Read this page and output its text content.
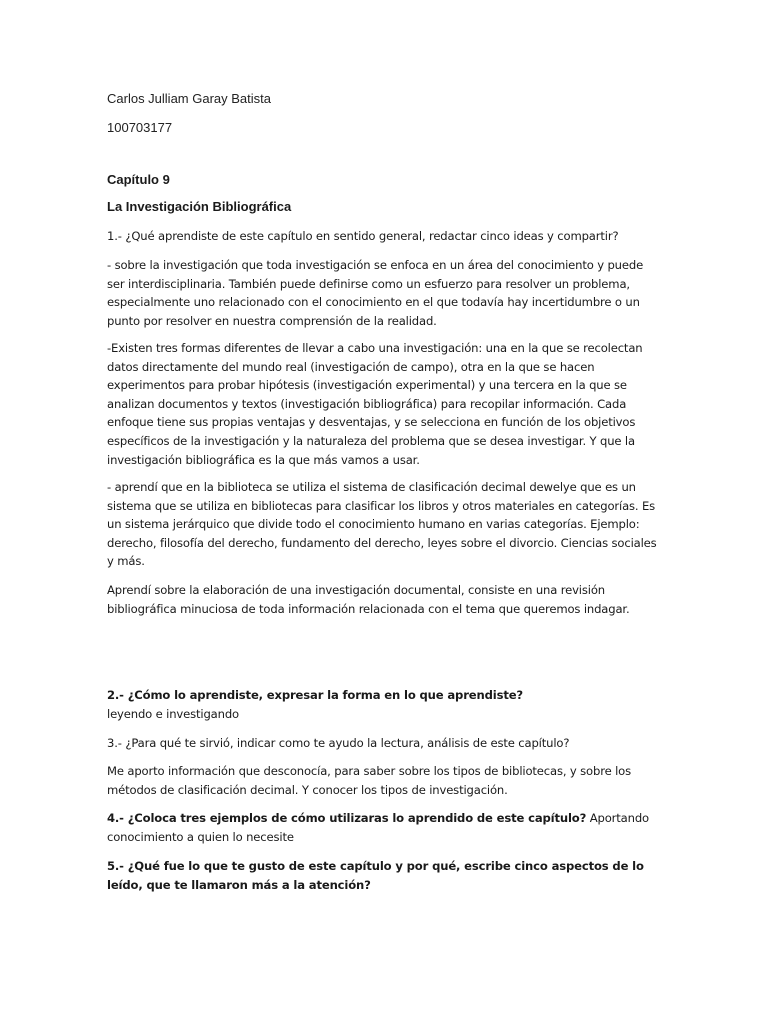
Carlos Julliam Garay Batista
100703177
Capítulo 9
La Investigación Bibliográfica

1.- ¿Qué aprendiste de este capítulo en sentido general, redactar cinco ideas y compartir?

- sobre la investigación que toda investigación se enfoca en un área del conocimiento y puede ser interdisciplinaria. También puede definirse como un esfuerzo para resolver un problema, especialmente uno relacionado con el conocimiento en el que todavía hay incertidumbre o un punto por resolver en nuestra comprensión de la realidad.

-Existen tres formas diferentes de llevar a cabo una investigación: una en la que se recolectan datos directamente del mundo real (investigación de campo), otra en la que se hacen experimentos para probar hipótesis (investigación experimental) y una tercera en la que se analizan documentos y textos (investigación bibliográfica) para recopilar información. Cada enfoque tiene sus propias ventajas y desventajas, y se selecciona en función de los objetivos específicos de la investigación y la naturaleza del problema que se desea investigar. Y que la investigación bibliográfica es la que más vamos a usar.

- aprendí que en la biblioteca se utiliza el sistema de clasificación decimal dewelye que es un sistema que se utiliza en bibliotecas para clasificar los libros y otros materiales en categorías. Es un sistema jerárquico que divide todo el conocimiento humano en varias categorías. Ejemplo: derecho, filosofía del derecho, fundamento del derecho, leyes sobre el divorcio. Ciencias sociales y más.

Aprendí sobre la elaboración de una investigación documental, consiste en una revisión bibliográfica minuciosa de toda información relacionada con el tema que queremos indagar.

2.- ¿Cómo lo aprendiste, expresar la forma en lo que aprendiste?
leyendo e investigando

3.- ¿Para qué te sirvió, indicar como te ayudo la lectura, análisis de este capítulo?

Me aporto información que desconocía, para saber sobre los tipos de bibliotecas, y sobre los métodos de clasificación decimal. Y conocer los tipos de investigación.

4.- ¿Coloca tres ejemplos de cómo utilizaras lo aprendido de este capítulo? Aportando conocimiento a quien lo necesite

5.- ¿Qué fue lo que te gusto de este capítulo y por qué, escribe cinco aspectos de lo leído, que te llamaron más a la atención?
